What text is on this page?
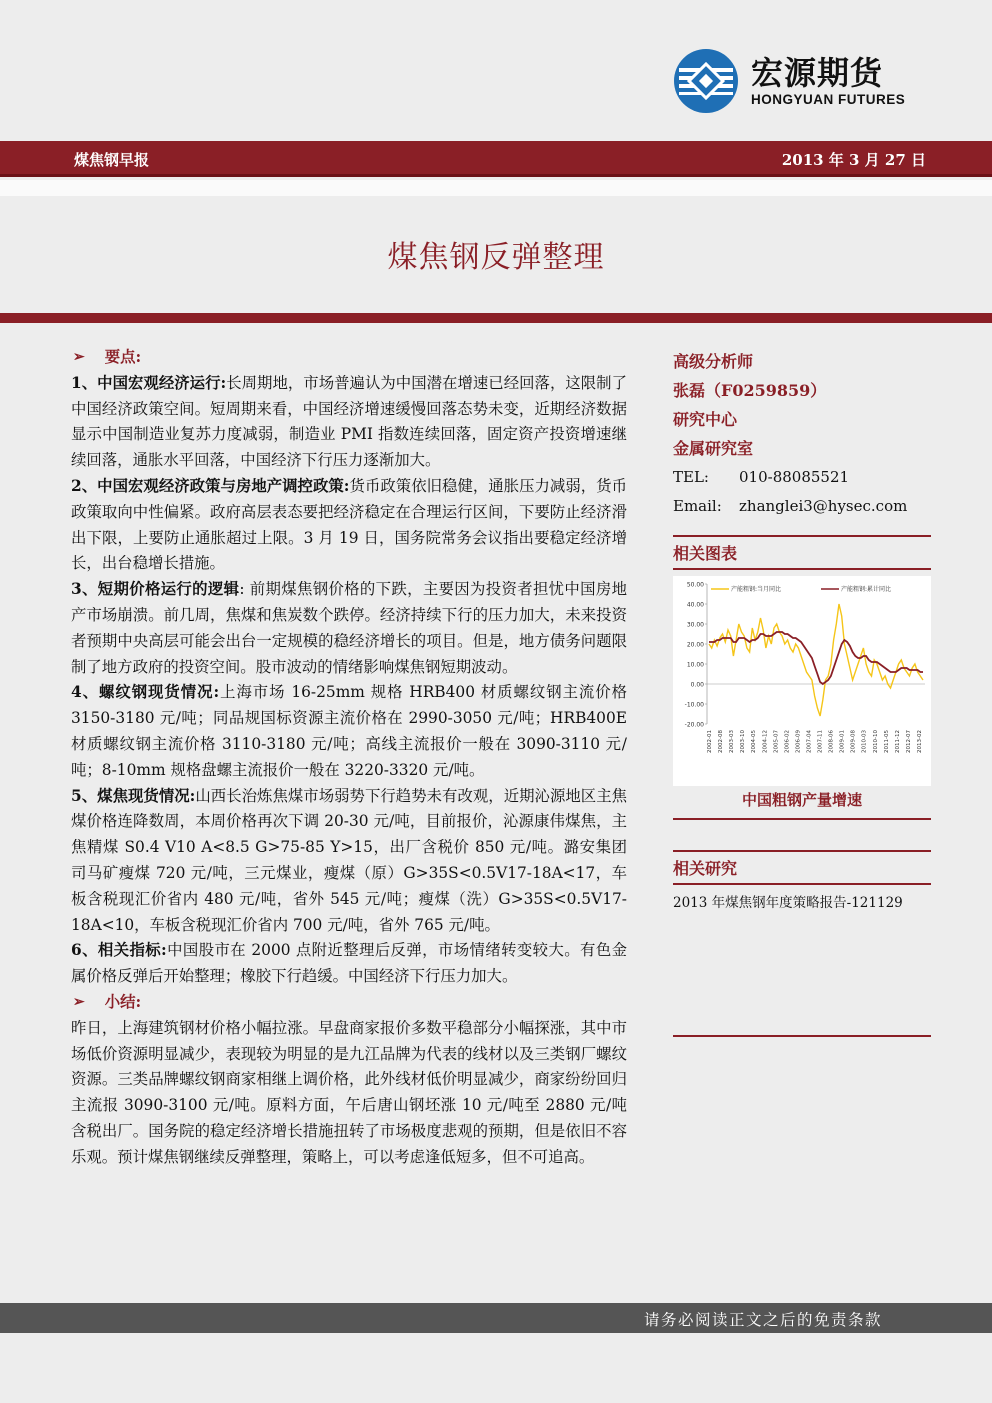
宏源期货
HONGYUAN FUTURES
煤焦钢早报	2013 年 3 月 27 日
煤焦钢反弹整理
➢ 要点:

1、中国宏观经济运行:长周期地，市场普遍认为中国潜在增速已经回落，这限制了中国经济政策空间。短周期来看，中国经济增速缓慢回落态势未变，近期经济数据显示中国制造业复苏力度减弱，制造业 PMI 指数连续回落，固定资产投资增速继续回落，通胀水平回落，中国经济下行压力逐渐加大。

2、中国宏观经济政策与房地产调控政策:货币政策依旧稳健，通胀压力减弱，货币政策取向中性偏紧。政府高层表态要把经济稳定在合理运行区间，下要防止经济滑出下限，上要防止通胀超过上限。3 月 19 日，国务院常务会议指出要稳定经济增长，出台稳增长措施。

3、短期价格运行的逻辑: 前期煤焦钢价格的下跌，主要因为投资者担忧中国房地产市场崩溃。前几周，焦煤和焦炭数个跌停。经济持续下行的压力加大，未来投资者预期中央高层可能会出台一定规模的稳经济增长的项目。但是，地方债务问题限制了地方政府的投资空间。股市波动的情绪影响煤焦钢短期波动。

4、螺纹钢现货情况:上海市场 16-25mm 规格 HRB400 材质螺纹钢主流价格 3150-3180 元/吨；同品规国标资源主流价格在 2990-3050 元/吨；HRB400E 材质螺纹钢主流价格 3110-3180 元/吨；高线主流报价一般在 3090-3110 元/吨；8-10mm 规格盘螺主流报价一般在 3220-3320 元/吨。

5、煤焦现货情况:山西长治炼焦煤市场弱势下行趋势未有改观，近期沁源地区主焦煤价格连降数周，本周价格再次下调 20-30 元/吨，目前报价，沁源康伟煤焦，主焦精煤 S0.4 V10 A<8.5 G>75-85 Y>15，出厂含税价 850 元/吨。潞安集团司马矿瘦煤 720 元/吨，三元煤业，瘦煤（原）G>35S<0.5V17-18A<17，车板含税现汇价省内 480 元/吨，省外 545 元/吨；瘦煤（洗）G>35S<0.5V17-18A<10，车板含税现汇价省内 700 元/吨，省外 765 元/吨。

6、相关指标:中国股市在 2000 点附近整理后反弹，市场情绪转变较大。有色金属价格反弹后开始整理；橡胶下行趋缓。中国经济下行压力加大。

➢ 小结:

昨日，上海建筑钢材价格小幅拉涨。早盘商家报价多数平稳部分小幅探涨，其中市场低价资源明显减少，表现较为明显的是九江品牌为代表的线材以及三类钢厂螺纹资源。三类品牌螺纹钢商家相继上调价格，此外线材低价明显减少，商家纷纷回归主流报 3090-3100 元/吨。原料方面，午后唐山钢坯涨 10 元/吨至 2880 元/吨含税出厂。国务院的稳定经济增长措施扭转了市场极度悲观的预期，但是依旧不容乐观。预计煤焦钢继续反弹整理，策略上，可以考虑逢低短多，但不可追高。

高级分析师
张磊（F0259859）
研究中心
金属研究室
TEL:	010-88085521
Email:	zhanglei3@hysec.com
相关图表
50.00
40.00
30.00
20.00
10.00
0.00
-10.00
-20.00
2002-01 2002-08 2003-03 2003-10 2004-05 2004-12 2005-07 2006-02 2006-09 2007-04 2007-11 2008-06 2009-01 2009-08 2010-03 2010-10 2011-05 2011-12 2012-07 2013-02
产能粗钢:当月同比	产能粗钢:累计同比
中国粗钢产量增速
相关研究
2013 年煤焦钢年度策略报告-121129
请务必阅读正文之后的免责条款
